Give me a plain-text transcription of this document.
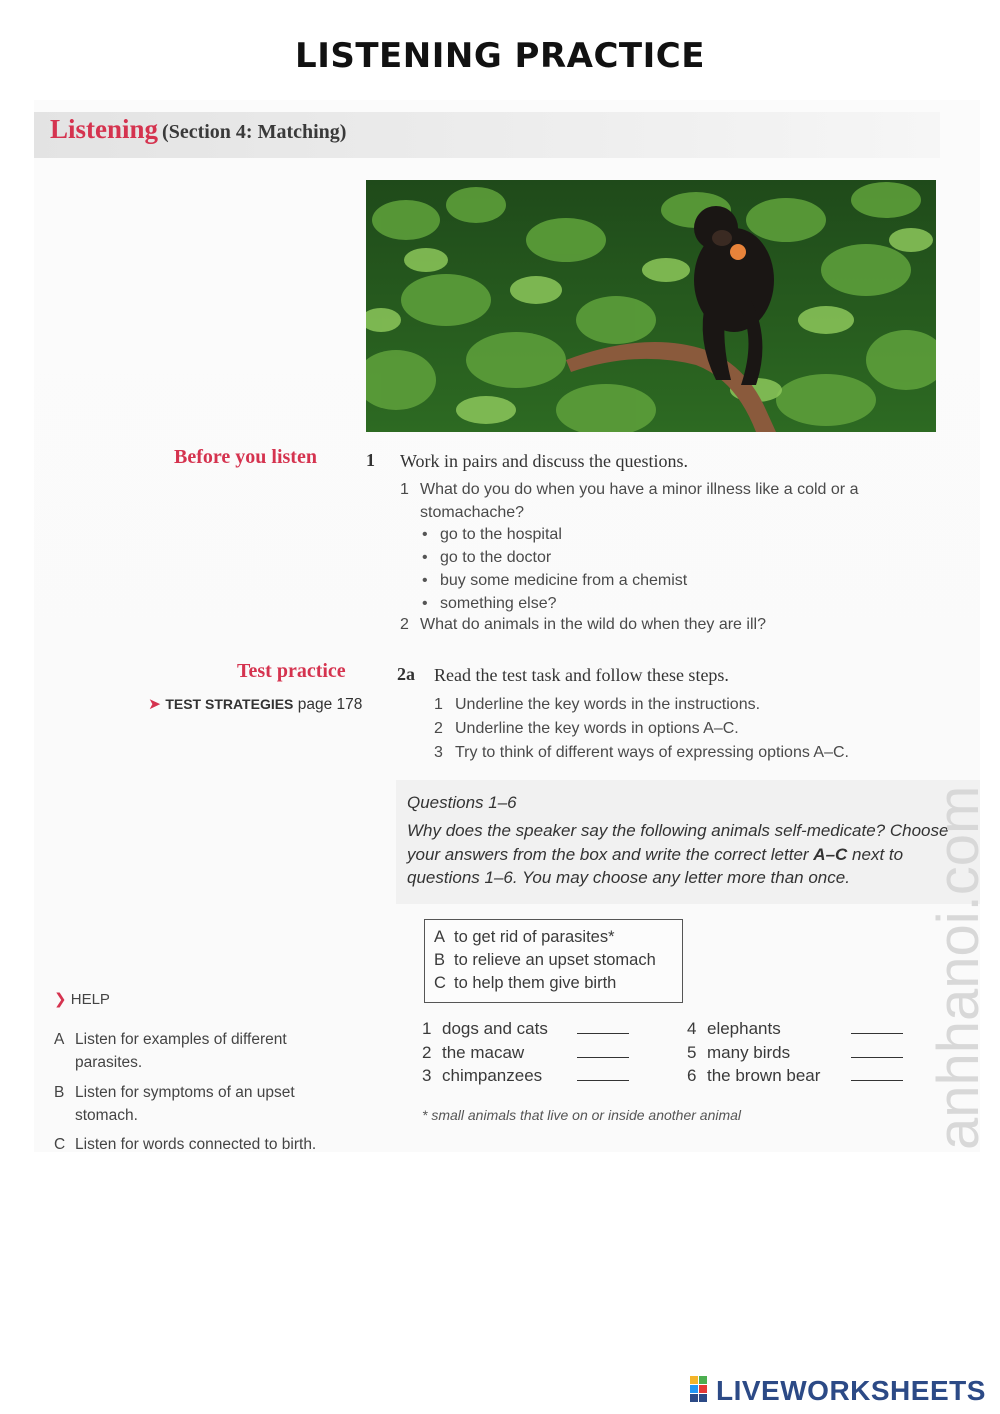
LISTENING PRACTICE
Listening (Section 4: Matching)
Before you listen	1 Work in pairs and discuss the questions.
1 What do you do when you have a minor illness like a cold or a stomachache?
• go to the hospital
• go to the doctor
• buy some medicine from a chemist
• something else?
2 What do animals in the wild do when they are ill?
Test practice
➤ TEST STRATEGIES page 178
2a Read the test task and follow these steps.
1 Underline the key words in the instructions.
2 Underline the key words in options A–C.
3 Try to think of different ways of expressing options A–C.
Questions 1–6
Why does the speaker say the following animals self-medicate? Choose your answers from the box and write the correct letter A–C next to questions 1–6. You may choose any letter more than once.
A to get rid of parasites*
B to relieve an upset stomach
C to help them give birth
1 dogs and cats
2 the macaw
3 chimpanzees
4 elephants
5 many birds
6 the brown bear
* small animals that live on or inside another animal
❯ HELP
A Listen for examples of different parasites.
B Listen for symptoms of an upset stomach.
C Listen for words connected to birth.	anhhanoi.com
LIVEWORKSHEETS
